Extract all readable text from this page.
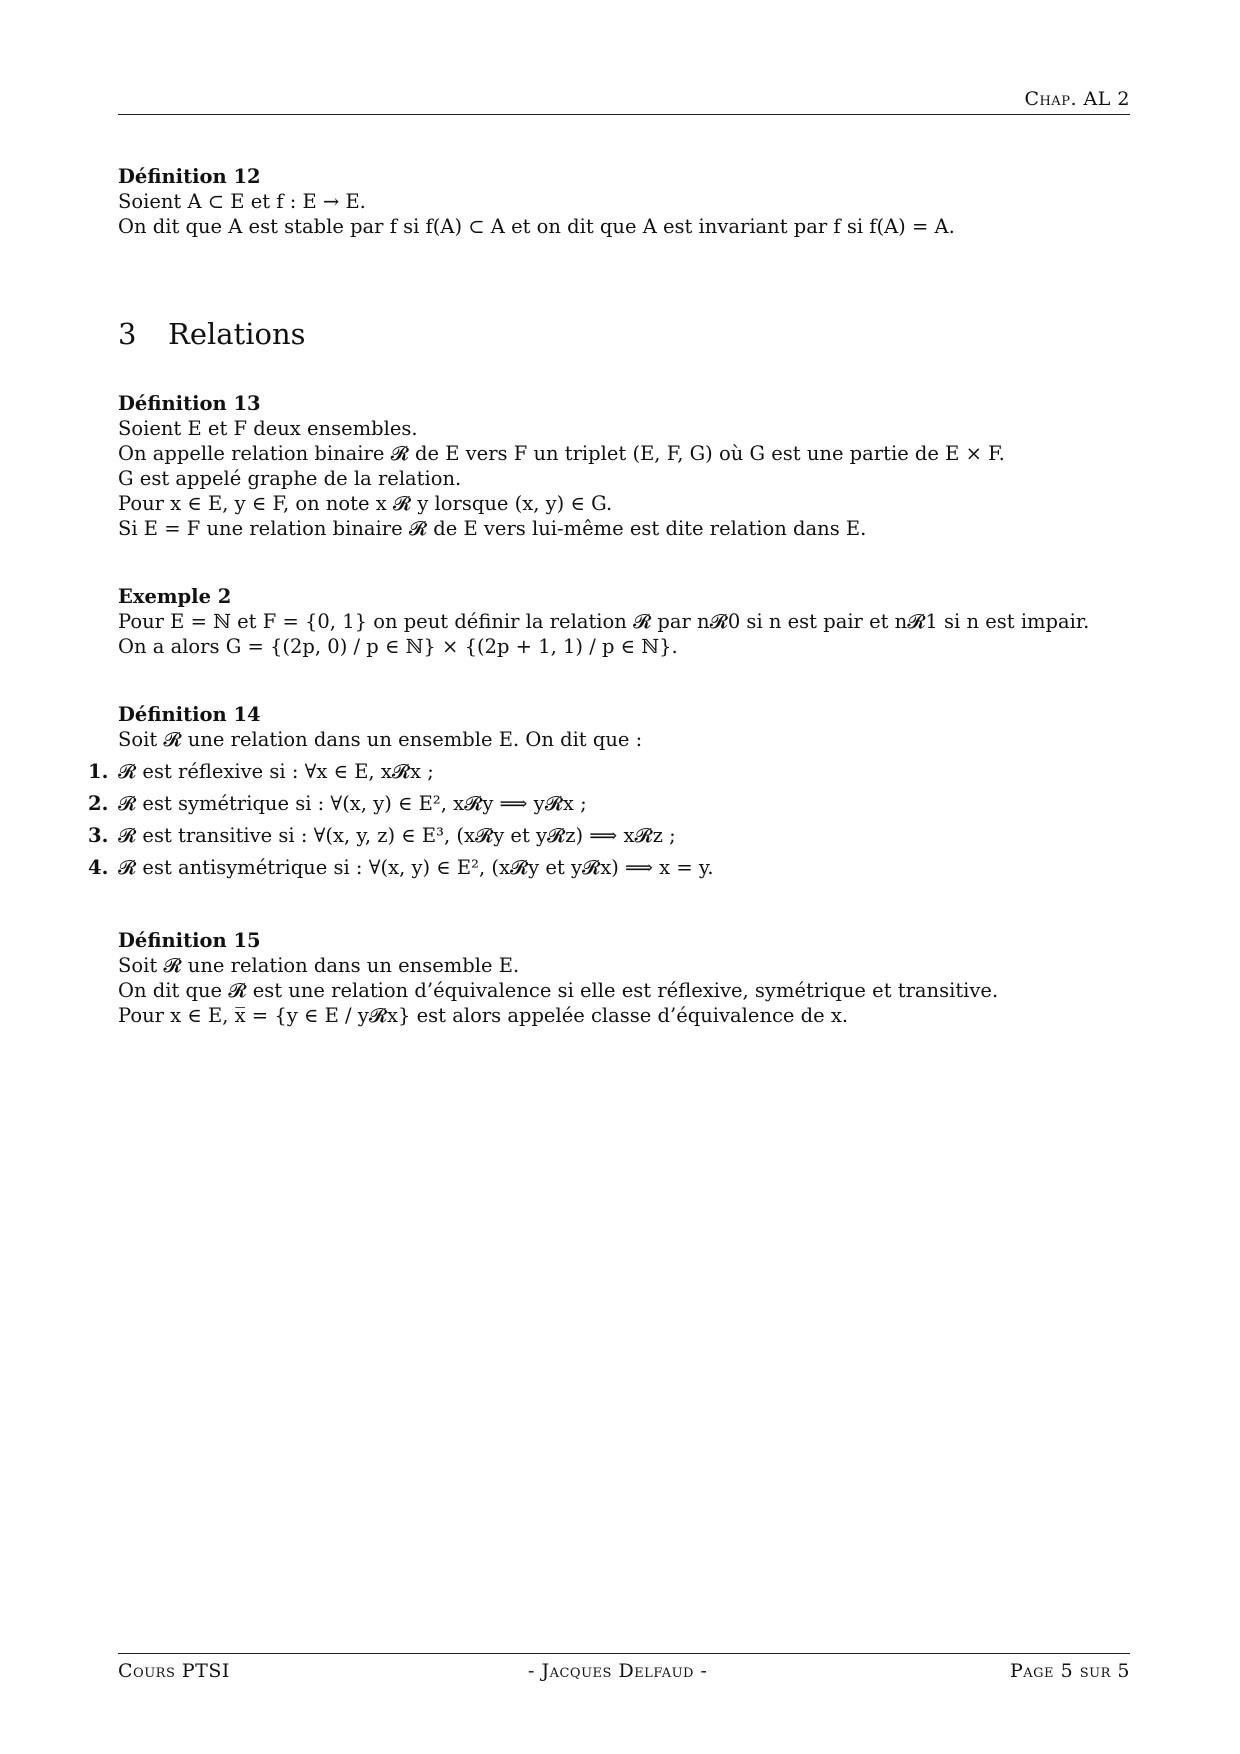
Chap. AL 2

Définition 12

Soient A ⊂ E et f : E → E.

On dit que A est stable par f si f(A) ⊂ A et on dit que A est invariant par f si f(A) = A.

3 Relations

Définition 13

Soient E et F deux ensembles.

On appelle relation binaire 𝓡 de E vers F un triplet (E, F, G) où G est une partie de E × F.

G est appelé graphe de la relation.

Pour x ∈ E, y ∈ F, on note x 𝓡 y lorsque (x, y) ∈ G.

Si E = F une relation binaire 𝓡 de E vers lui-même est dite relation dans E.

Exemple 2

Pour E = ℕ et F = {0, 1} on peut définir la relation 𝓡 par n𝓡0 si n est pair et n𝓡1 si n est impair.

On a alors G = {(2p, 0) / p ∈ ℕ} × {(2p + 1, 1) / p ∈ ℕ}.

Définition 14

Soit 𝓡 une relation dans un ensemble E. On dit que :

1. 𝓡 est réflexive si : ∀x ∈ E, x𝓡x ;
2. 𝓡 est symétrique si : ∀(x, y) ∈ E², x𝓡y ⟹ y𝓡x ;
3. 𝓡 est transitive si : ∀(x, y, z) ∈ E³, (x𝓡y et y𝓡z) ⟹ x𝓡z ;
4. 𝓡 est antisymétrique si : ∀(x, y) ∈ E², (x𝓡y et y𝓡x) ⟹ x = y.

Définition 15

Soit 𝓡 une relation dans un ensemble E.

On dit que 𝓡 est une relation d’équivalence si elle est réflexive, symétrique et transitive.

Pour x ∈ E, x̅ = {y ∈ E / y𝓡x} est alors appelée classe d’équivalence de x.

Cours PTSI	- Jacques Delfaud -	Page 5 sur 5
